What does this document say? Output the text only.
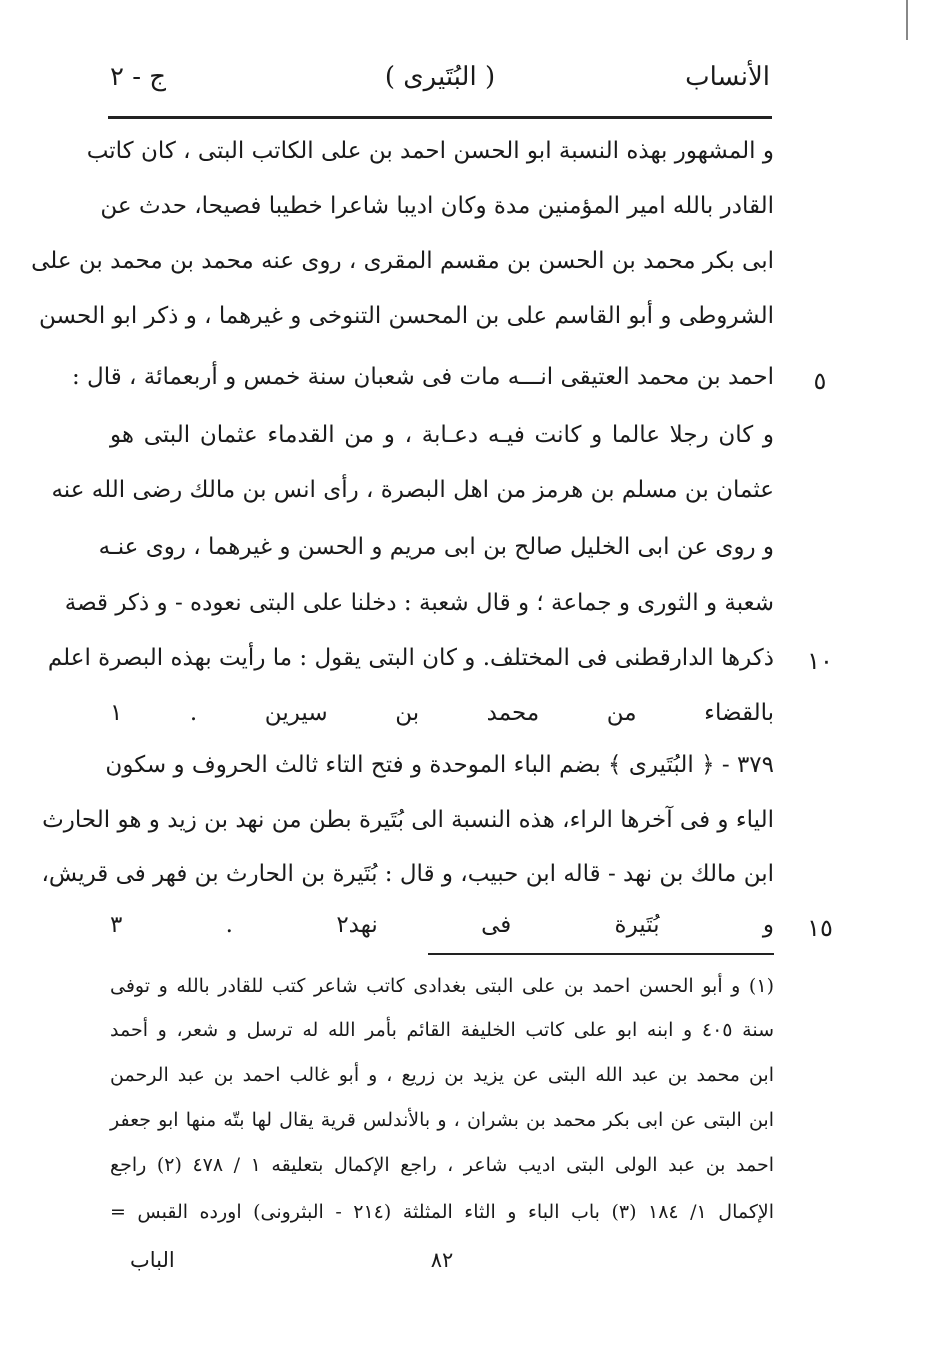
الأنساب
( البُتَيرى )
ج - ٢
و المشهور بهذه النسبة ابو الحسن احمد بن على الكاتب البتى ، كان كاتب
القادر بالله امير المؤمنين مدة وكان اديبا شاعرا خطيبا فصيحا، حدث عن
ابى بكر محمد بن الحسن بن مقسم المقرى ، روى عنه محمد بن محمد بن على
الشروطى و أبو القاسم على بن المحسن التنوخى و غيرهما ، و ذكر ابو الحسن
احمد بن محمد العتيقى انـــه مات فى شعبان سنة خمس و أربعمائة ، قال :
و كان رجلا عالما و كانت فيـه دعـابة ، و من القدماء عثمان البتى هو
عثمان بن مسلم بن هرمز من اهل البصرة ، رأى انس بن مالك رضى الله عنه
و روى عن ابى الخليل صالح بن ابى مريم و الحسن و غيرهما ، روى عنـه
شعبة و الثورى و جماعة ؛ و قال شعبة : دخلنا على البتى نعوده - و ذكر قصة
ذكرها الدارقطنى فى المختلف. و كان البتى يقول : ما رأيت بهذه البصرة اعلم
بالقضاء من محمد بن سيرين . ١
٣٧٩ - ﴿ البُتَيرى ﴾ بضم الباء الموحدة و فتح التاء ثالث الحروف و سكون
الياء و فى آخرها الراء، هذه النسبة الى بُتَيرة بطن من نهد بن زيد و هو الحارث
ابن مالك بن نهد - قاله ابن حبيب، و قال : بُتَيرة بن الحارث بن فهر فى قريش،
و بُتَيرة فى نهد٢ . ٣
٥
١٠
١٥
(١) و أبو الحسن احمد بن على البتى بغدادى كاتب شاعر كتب للقادر بالله و توفى
سنة ٤٠٥ و ابنه ابو على كاتب الخليفة القائم بأمر الله له ترسل و شعر، و أحمد
ابن محمد بن عبد الله البتى عن يزيد بن زريع ، و أبو غالب احمد بن عبد الرحمن
ابن البتى عن ابى بكر محمد بن بشران ، و بالأندلس قرية يقال لها بتّه منها ابو جعفر
احمد بن عبد الولى البتى اديب شاعر ، راجع الإكمال بتعليقه ١ / ٤٧٨ (٢) راجع
الإكمال ١/ ١٨٤ (٣) باب الباء و الثاء المثلثة (٢١٤ - البثرونى) اورده القبس =
٨٢
الباب
